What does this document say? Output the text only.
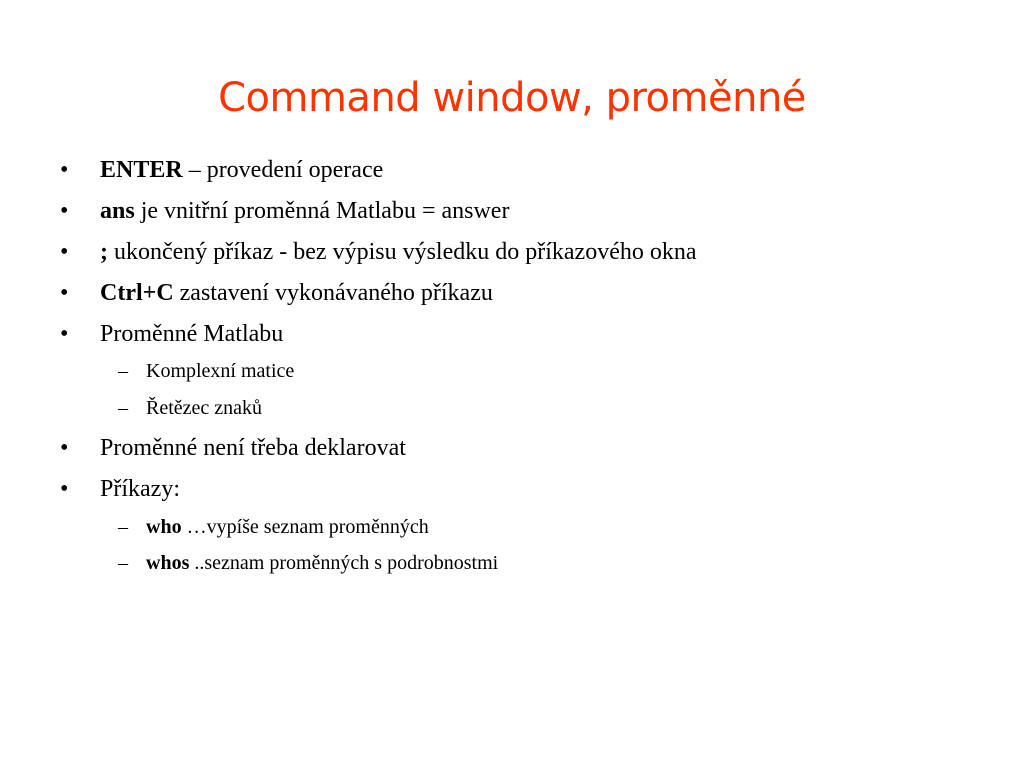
Command window, proměnné
• ENTER – provedení operace
• ans je vnitřní proměnná Matlabu = answer
• ; ukončený příkaz - bez výpisu výsledku do příkazového okna
• Ctrl+C zastavení vykonávaného příkazu
• Proměnné Matlabu
– Komplexní matice
– Řetězec znaků
• Proměnné není třeba deklarovat
• Příkazy:
– who …vypíše seznam proměnných
– whos ..seznam proměnných s podrobnostmi
